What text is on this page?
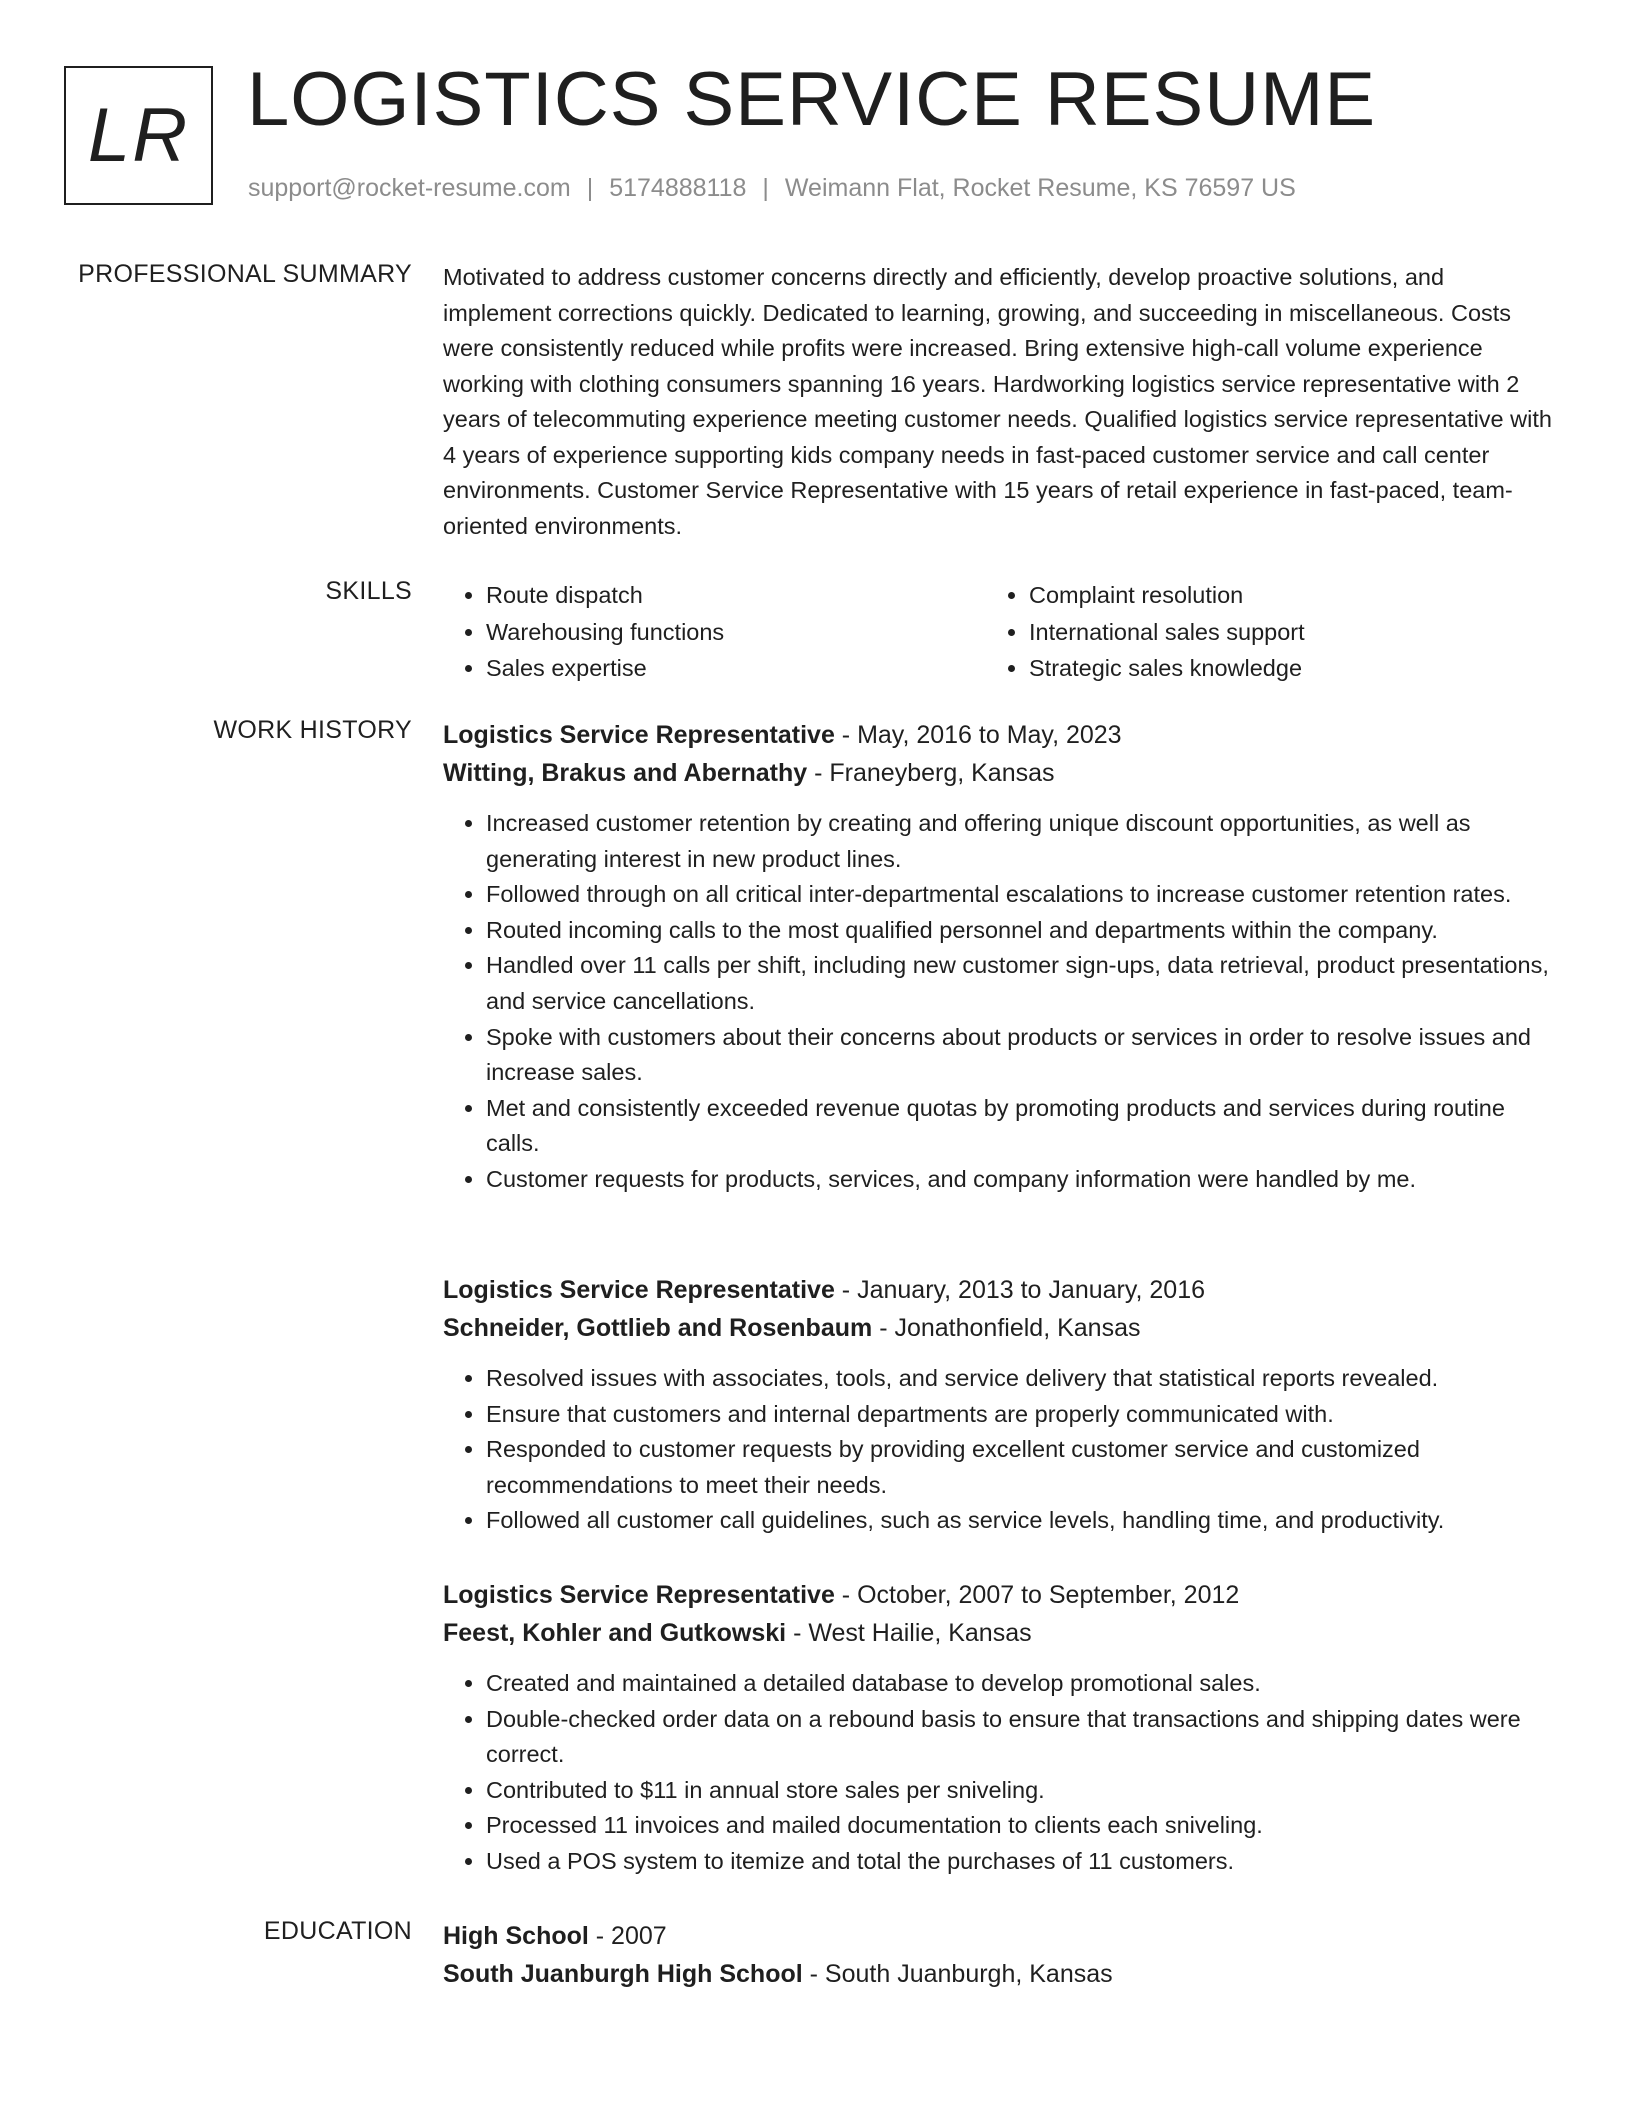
LR LOGISTICS SERVICE RESUME
support@rocket-resume.com | 5174888118 | Weimann Flat, Rocket Resume, KS 76597 US
PROFESSIONAL SUMMARY Motivated to address customer concerns directly and efficiently, develop proactive solutions, and implement corrections quickly. Dedicated to learning, growing, and succeeding in miscellaneous. Costs were consistently reduced while profits were increased. Bring extensive high-call volume experience working with clothing consumers spanning 16 years. Hardworking logistics service representative with 2 years of telecommuting experience meeting customer needs. Qualified logistics service representative with 4 years of experience supporting kids company needs in fast-paced customer service and call center environments. Customer Service Representative with 15 years of retail experience in fast-paced, team-oriented environments.

SKILLS
•	Route dispatch
• Warehousing functions
• Sales expertise
• Complaint resolution
• International sales support
• Strategic sales knowledge
WORK HISTORY Logistics Service Representative - May, 2016 to May, 2023
Witting, Brakus and Abernathy - Franeyberg, Kansas
• Increased customer retention by creating and offering unique discount opportunities, as well as generating interest in new product lines.
• Followed through on all critical inter-departmental escalations to increase customer retention rates.
• Routed incoming calls to the most qualified personnel and departments within the company.
• Handled over 11 calls per shift, including new customer sign-ups, data retrieval, product presentations, and service cancellations.
• Spoke with customers about their concerns about products or services in order to resolve issues and increase sales.
• Met and consistently exceeded revenue quotas by promoting products and services during routine calls.
• Customer requests for products, services, and company information were handled by me.
Logistics Service Representative - January, 2013 to January, 2016
Schneider, Gottlieb and Rosenbaum - Jonathonfield, Kansas
• Resolved issues with associates, tools, and service delivery that statistical reports revealed.
• Ensure that customers and internal departments are properly communicated with.
• Responded to customer requests by providing excellent customer service and customized recommendations to meet their needs.
• Followed all customer call guidelines, such as service levels, handling time, and productivity.
Logistics Service Representative - October, 2007 to September, 2012
Feest, Kohler and Gutkowski - West Hailie, Kansas
• Created and maintained a detailed database to develop promotional sales.
• Double-checked order data on a rebound basis to ensure that transactions and shipping dates were correct.
• Contributed to $11 in annual store sales per sniveling.
• Processed 11 invoices and mailed documentation to clients each sniveling.
• Used a POS system to itemize and total the purchases of 11 customers.
EDUCATION High School - 2007
South Juanburgh High School - South Juanburgh, Kansas
